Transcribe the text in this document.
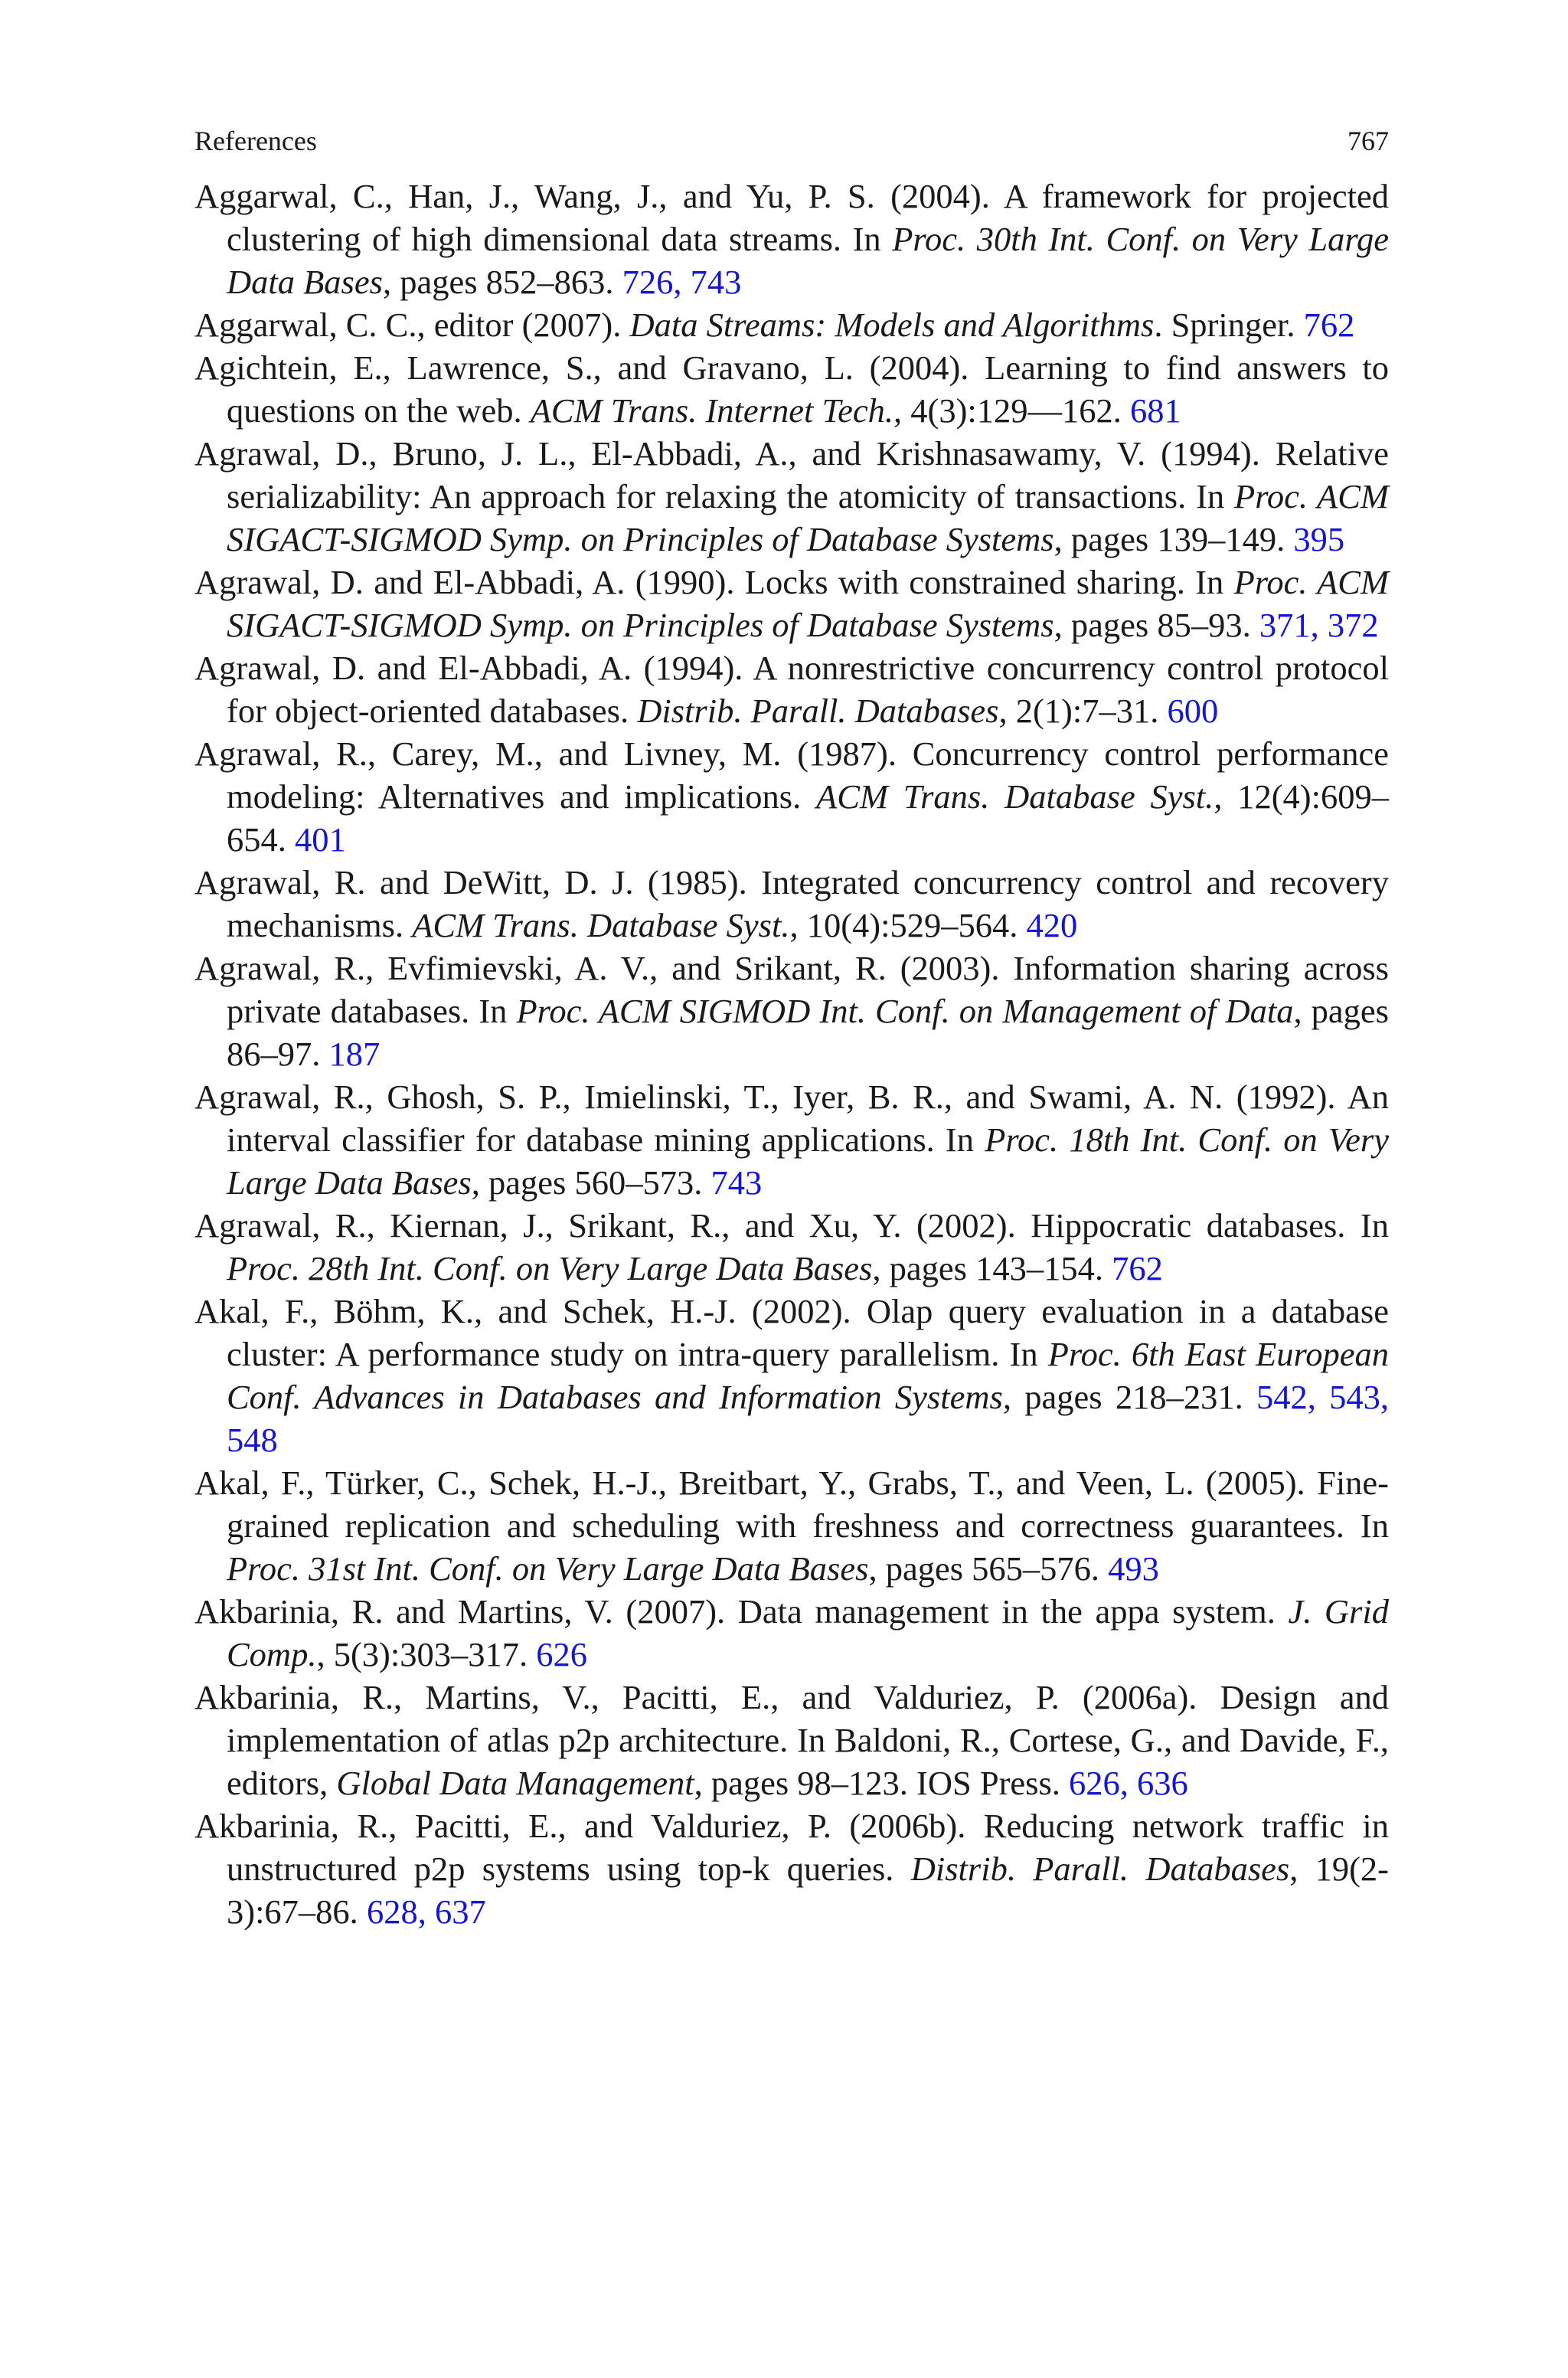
References	767
Aggarwal, C., Han, J., Wang, J., and Yu, P. S. (2004). A framework for projected clustering of high dimensional data streams. In Proc. 30th Int. Conf. on Very Large Data Bases, pages 852–863. 726, 743
Aggarwal, C. C., editor (2007). Data Streams: Models and Algorithms. Springer. 762
Agichtein, E., Lawrence, S., and Gravano, L. (2004). Learning to find answers to questions on the web. ACM Trans. Internet Tech., 4(3):129—162. 681
Agrawal, D., Bruno, J. L., El-Abbadi, A., and Krishnasawamy, V. (1994). Relative serializability: An approach for relaxing the atomicity of transactions. In Proc. ACM SIGACT-SIGMOD Symp. on Principles of Database Systems, pages 139–149. 395
Agrawal, D. and El-Abbadi, A. (1990). Locks with constrained sharing. In Proc. ACM SIGACT-SIGMOD Symp. on Principles of Database Systems, pages 85–93. 371, 372
Agrawal, D. and El-Abbadi, A. (1994). A nonrestrictive concurrency control protocol for object-oriented databases. Distrib. Parall. Databases, 2(1):7–31. 600
Agrawal, R., Carey, M., and Livney, M. (1987). Concurrency control performance modeling: Alternatives and implications. ACM Trans. Database Syst., 12(4):609–654. 401
Agrawal, R. and DeWitt, D. J. (1985). Integrated concurrency control and recovery mechanisms. ACM Trans. Database Syst., 10(4):529–564. 420
Agrawal, R., Evfimievski, A. V., and Srikant, R. (2003). Information sharing across private databases. In Proc. ACM SIGMOD Int. Conf. on Management of Data, pages 86–97. 187
Agrawal, R., Ghosh, S. P., Imielinski, T., Iyer, B. R., and Swami, A. N. (1992). An interval classifier for database mining applications. In Proc. 18th Int. Conf. on Very Large Data Bases, pages 560–573. 743
Agrawal, R., Kiernan, J., Srikant, R., and Xu, Y. (2002). Hippocratic databases. In Proc. 28th Int. Conf. on Very Large Data Bases, pages 143–154. 762
Akal, F., Böhm, K., and Schek, H.-J. (2002). Olap query evaluation in a database cluster: A performance study on intra-query parallelism. In Proc. 6th East European Conf. Advances in Databases and Information Systems, pages 218–231. 542, 543, 548
Akal, F., Türker, C., Schek, H.-J., Breitbart, Y., Grabs, T., and Veen, L. (2005). Fine-grained replication and scheduling with freshness and correctness guarantees. In Proc. 31st Int. Conf. on Very Large Data Bases, pages 565–576. 493
Akbarinia, R. and Martins, V. (2007). Data management in the appa system. J. Grid Comp., 5(3):303–317. 626
Akbarinia, R., Martins, V., Pacitti, E., and Valduriez, P. (2006a). Design and implementation of atlas p2p architecture. In Baldoni, R., Cortese, G., and Davide, F., editors, Global Data Management, pages 98–123. IOS Press. 626, 636
Akbarinia, R., Pacitti, E., and Valduriez, P. (2006b). Reducing network traffic in unstructured p2p systems using top-k queries. Distrib. Parall. Databases, 19(2-3):67–86. 628, 637
